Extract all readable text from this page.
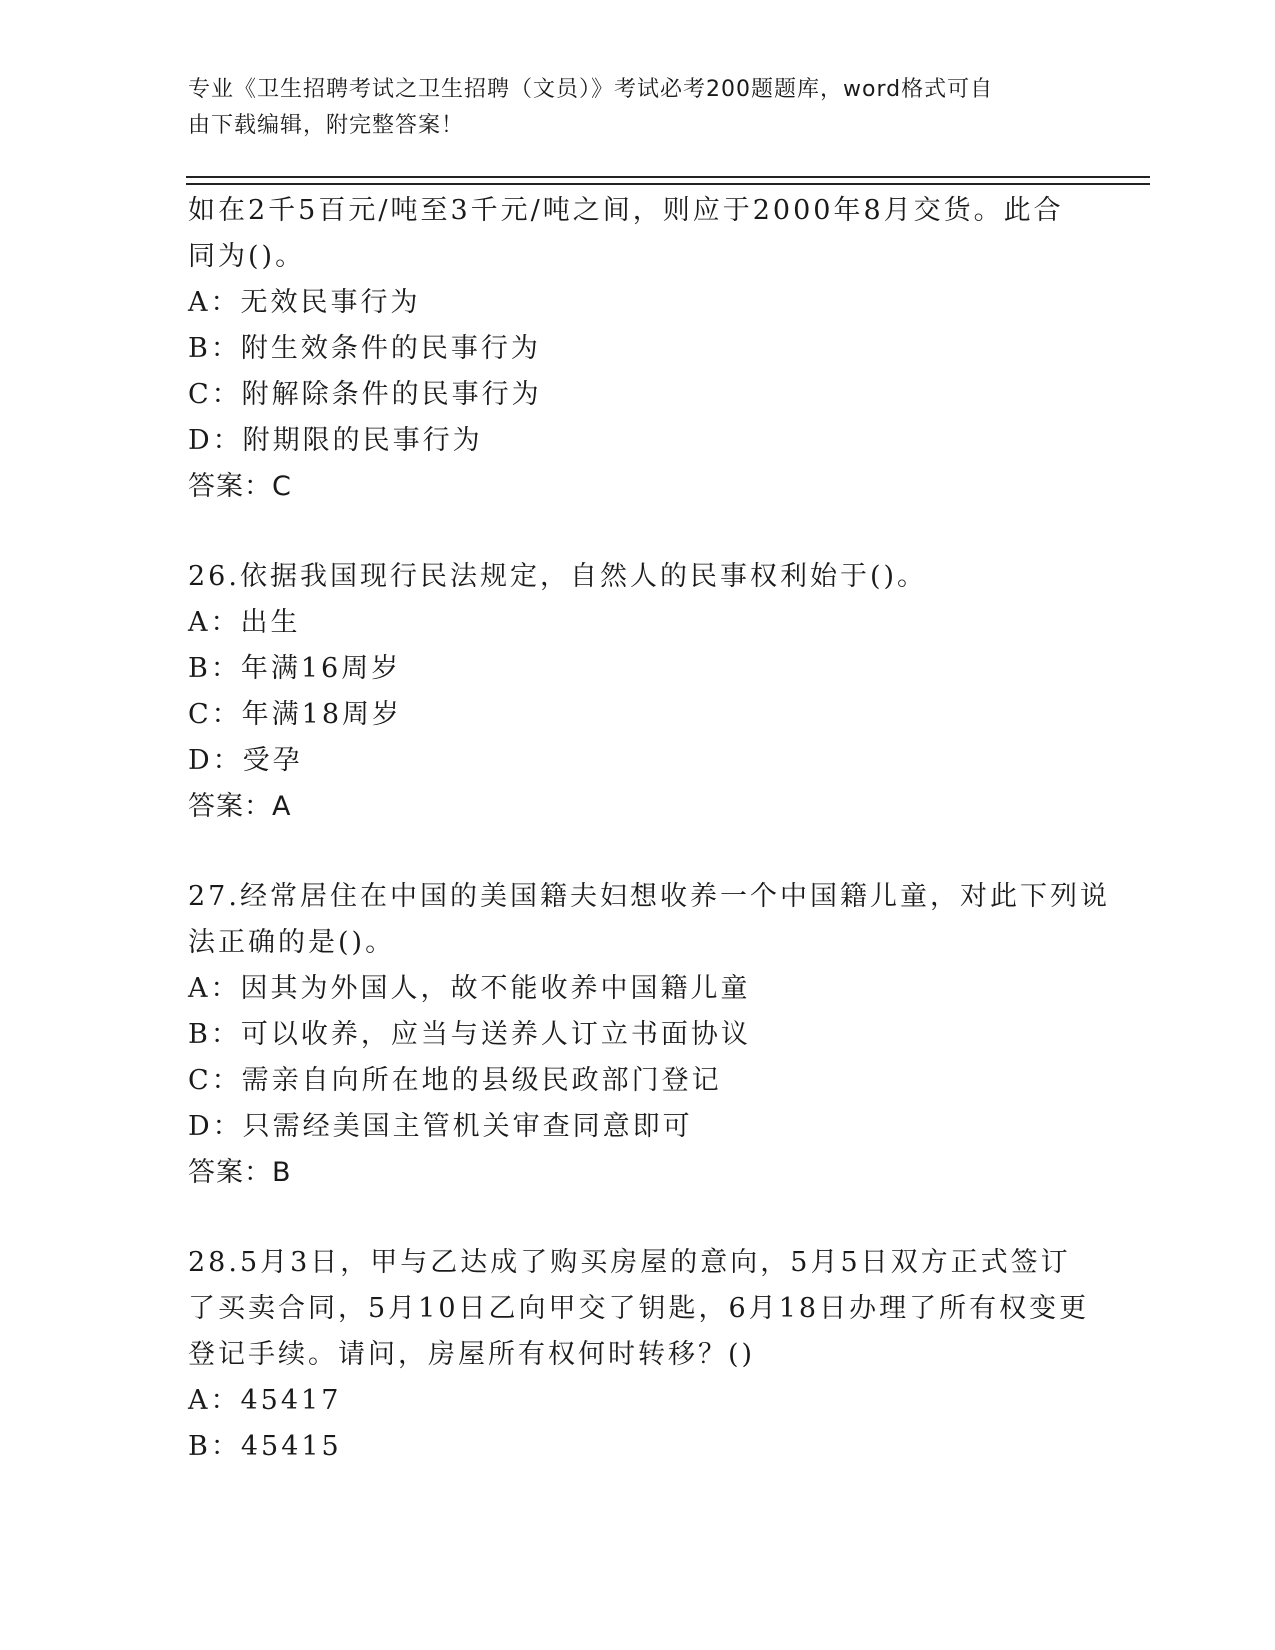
专业《卫生招聘考试之卫生招聘（文员）》考试必考200题题库，word格式可自
由下载编辑，附完整答案！
如在2千5百元/吨至3千元/吨之间，则应于2000年8月交货。此合
同为()。
A：无效民事行为
B：附生效条件的民事行为
C：附解除条件的民事行为
D：附期限的民事行为
答案：C
26.依据我国现行民法规定，自然人的民事权利始于()。
A：出生
B：年满16周岁
C：年满18周岁
D：受孕
答案：A
27.经常居住在中国的美国籍夫妇想收养一个中国籍儿童，对此下列说
法正确的是()。
A：因其为外国人，故不能收养中国籍儿童
B：可以收养，应当与送养人订立书面协议
C：需亲自向所在地的县级民政部门登记
D：只需经美国主管机关审查同意即可
答案：B
28.5月3日，甲与乙达成了购买房屋的意向，5月5日双方正式签订
了买卖合同，5月10日乙向甲交了钥匙，6月18日办理了所有权变更
登记手续。请问，房屋所有权何时转移？()
A：45417
B：45415
